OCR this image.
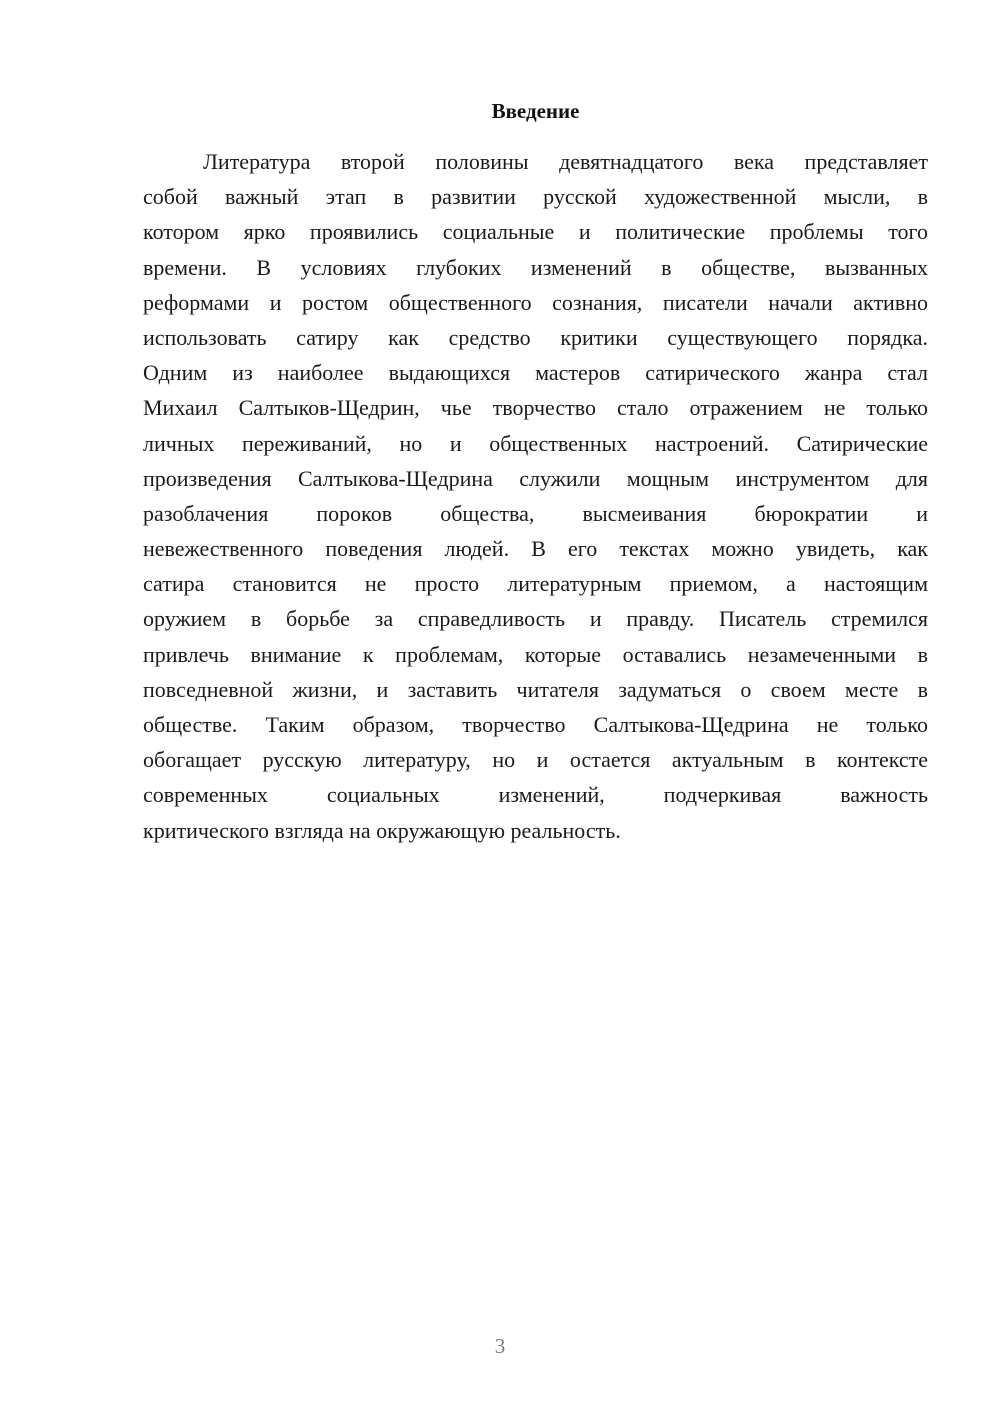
Введение

Литература второй половины девятнадцатого века представляет
собой важный этап в развитии русской художественной мысли, в
котором ярко проявились социальные и политические проблемы того
времени. В условиях глубоких изменений в обществе, вызванных
реформами и ростом общественного сознания, писатели начали активно
использовать сатиру как средство критики существующего порядка.
Одним из наиболее выдающихся мастеров сатирического жанра стал
Михаил Салтыков-Щедрин, чье творчество стало отражением не только
личных переживаний, но и общественных настроений. Сатирические
произведения Салтыкова-Щедрина служили мощным инструментом для
разоблачения пороков общества, высмеивания бюрократии и
невежественного поведения людей. В его текстах можно увидеть, как
сатира становится не просто литературным приемом, а настоящим
оружием в борьбе за справедливость и правду. Писатель стремился
привлечь внимание к проблемам, которые оставались незамеченными в
повседневной жизни, и заставить читателя задуматься о своем месте в
обществе. Таким образом, творчество Салтыкова-Щедрина не только
обогащает русскую литературу, но и остается актуальным в контексте
современных социальных изменений, подчеркивая важность
критического взгляда на окружающую реальность.

3
